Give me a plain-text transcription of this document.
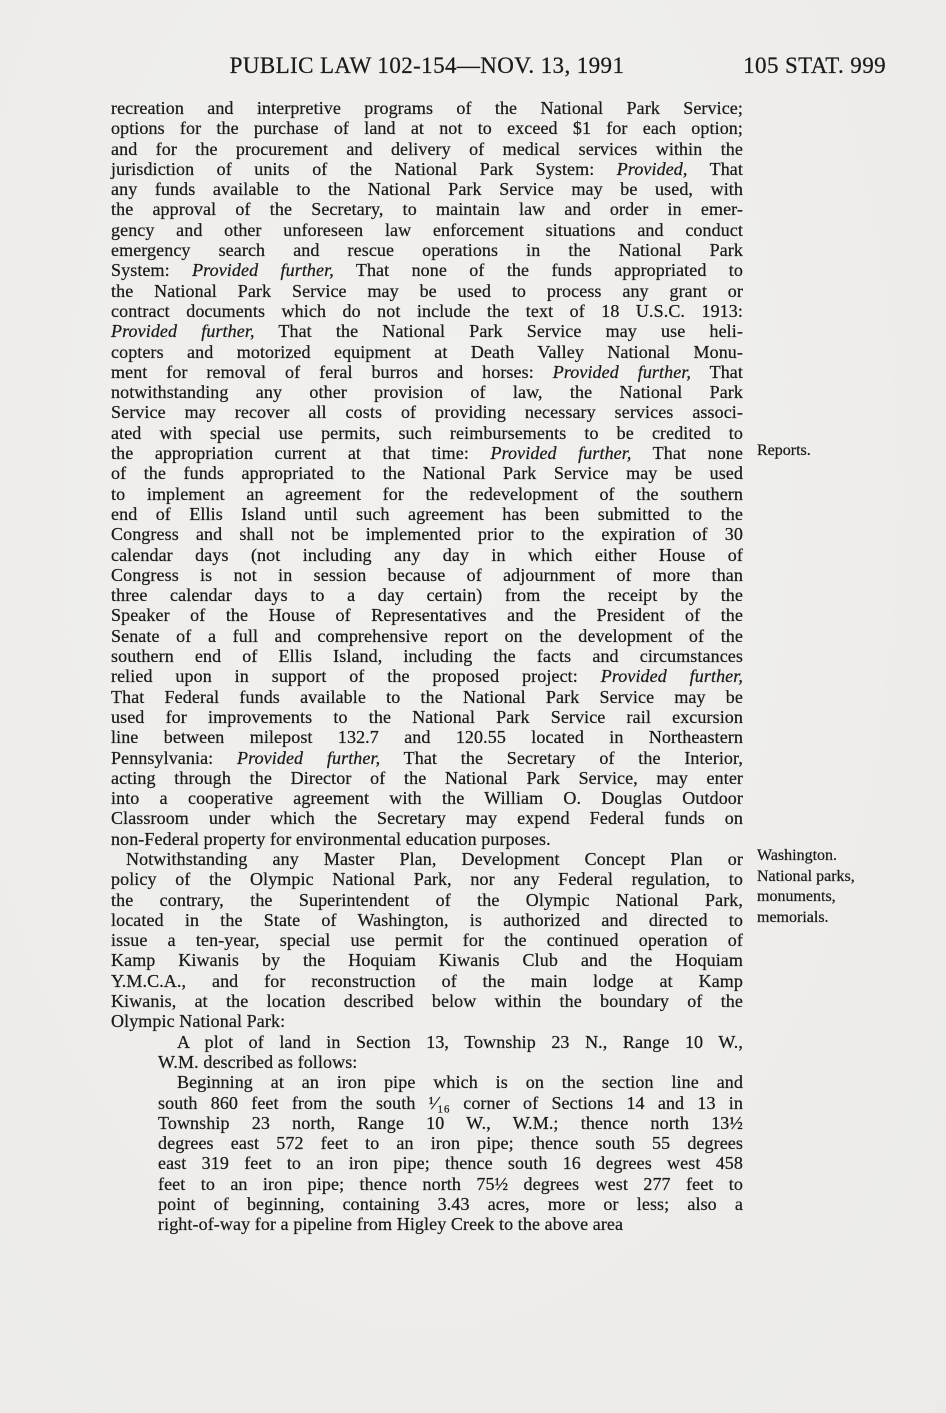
PUBLIC LAW 102-154—NOV. 13, 1991	105 STAT. 999
recreation and interpretive programs of the National Park Service;
options for the purchase of land at not to exceed $1 for each option;
and for the procurement and delivery of medical services within the
jurisdiction of units of the National Park System: Provided, That
any funds available to the National Park Service may be used, with
the approval of the Secretary, to maintain law and order in emer-
gency and other unforeseen law enforcement situations and conduct
emergency search and rescue operations in the National Park
System: Provided further, That none of the funds appropriated to
the National Park Service may be used to process any grant or
contract documents which do not include the text of 18 U.S.C. 1913:
Provided further, That the National Park Service may use heli-
copters and motorized equipment at Death Valley National Monu-
ment for removal of feral burros and horses: Provided further, That
notwithstanding any other provision of law, the National Park
Service may recover all costs of providing necessary services associ-
ated with special use permits, such reimbursements to be credited to
the appropriation current at that time: Provided further, That none
of the funds appropriated to the National Park Service may be used
to implement an agreement for the redevelopment of the southern
end of Ellis Island until such agreement has been submitted to the
Congress and shall not be implemented prior to the expiration of 30
calendar days (not including any day in which either House of
Congress is not in session because of adjournment of more than
three calendar days to a day certain) from the receipt by the
Speaker of the House of Representatives and the President of the
Senate of a full and comprehensive report on the development of the
southern end of Ellis Island, including the facts and circumstances
relied upon in support of the proposed project: Provided further,
That Federal funds available to the National Park Service may be
used for improvements to the National Park Service rail excursion
line between milepost 132.7 and 120.55 located in Northeastern
Pennsylvania: Provided further, That the Secretary of the Interior,
acting through the Director of the National Park Service, may enter
into a cooperative agreement with the William O. Douglas Outdoor
Classroom under which the Secretary may expend Federal funds on
non-Federal property for environmental education purposes.
Notwithstanding any Master Plan, Development Concept Plan or
policy of the Olympic National Park, nor any Federal regulation, to
the contrary, the Superintendent of the Olympic National Park,
located in the State of Washington, is authorized and directed to
issue a ten-year, special use permit for the continued operation of
Kamp Kiwanis by the Hoquiam Kiwanis Club and the Hoquiam
Y.M.C.A., and for reconstruction of the main lodge at Kamp
Kiwanis, at the location described below within the boundary of the
Olympic National Park:
A plot of land in Section 13, Township 23 N., Range 10 W.,
W.M. described as follows:
Beginning at an iron pipe which is on the section line and
south 860 feet from the south ¹⁄₁₆ corner of Sections 14 and 13 in
Township 23 north, Range 10 W., W.M.; thence north 13½
degrees east 572 feet to an iron pipe; thence south 55 degrees
east 319 feet to an iron pipe; thence south 16 degrees west 458
feet to an iron pipe; thence north 75½ degrees west 277 feet to
point of beginning, containing 3.43 acres, more or less; also a
right-of-way for a pipeline from Higley Creek to the above area
Reports.
Washington.
National parks,
monuments,
memorials.
